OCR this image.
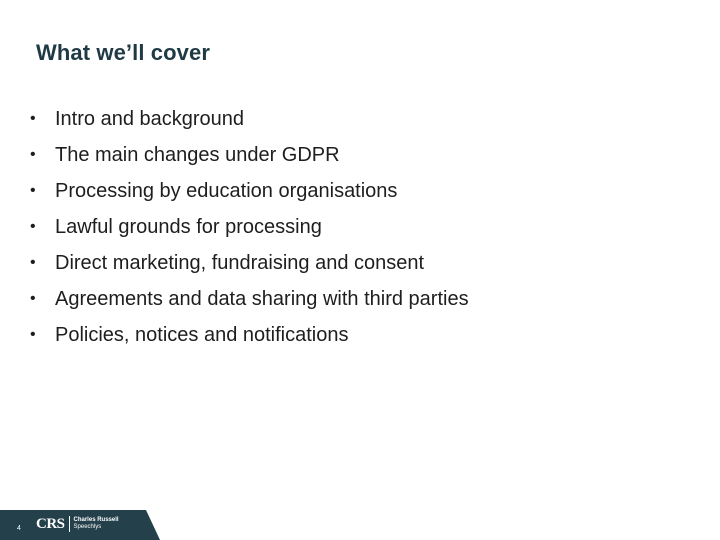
What we’ll cover
• Intro and background
• The main changes under GDPR
• Processing by education organisations
• Lawful grounds for processing
• Direct marketing, fundraising and consent
• Agreements and data sharing with third parties
• Policies, notices and notifications
4 CRS	Charles Russell
Speechlys
